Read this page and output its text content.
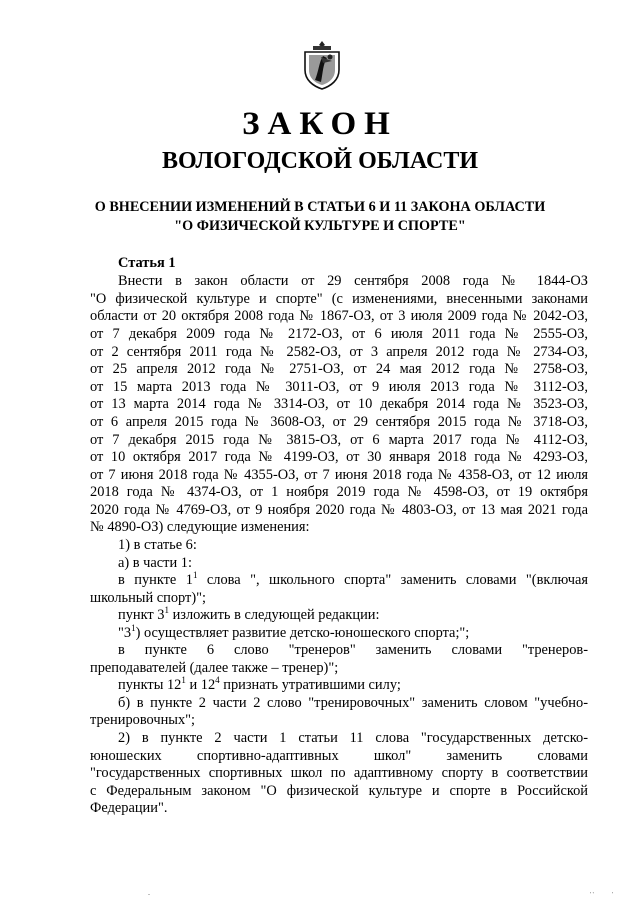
ЗАКОН
ВОЛОГОДСКОЙ ОБЛАСТИ
О ВНЕСЕНИИ ИЗМЕНЕНИЙ В СТАТЬИ 6 И 11 ЗАКОНА ОБЛАСТИ
"О ФИЗИЧЕСКОЙ КУЛЬТУРЕ И СПОРТЕ"
Статья 1
Внести в закон области от 29 сентября 2008 года № 1844-ОЗ
"О физической культуре и спорте" (с изменениями, внесенными законами
области от 20 октября 2008 года № 1867-ОЗ, от 3 июля 2009 года № 2042-ОЗ,
от 7 декабря 2009 года № 2172-ОЗ, от 6 июля 2011 года № 2555-ОЗ,
от 2 сентября 2011 года № 2582-ОЗ, от 3 апреля 2012 года № 2734-ОЗ,
от 25 апреля 2012 года № 2751-ОЗ, от 24 мая 2012 года № 2758-ОЗ,
от 15 марта 2013 года № 3011-ОЗ, от 9 июля 2013 года № 3112-ОЗ,
от 13 марта 2014 года № 3314-ОЗ, от 10 декабря 2014 года № 3523-ОЗ,
от 6 апреля 2015 года № 3608-ОЗ, от 29 сентября 2015 года № 3718-ОЗ,
от 7 декабря 2015 года № 3815-ОЗ, от 6 марта 2017 года № 4112-ОЗ,
от 10 октября 2017 года № 4199-ОЗ, от 30 января 2018 года № 4293-ОЗ,
от 7 июня 2018 года № 4355-ОЗ, от 7 июня 2018 года № 4358-ОЗ, от 12 июля
2018 года № 4374-ОЗ, от 1 ноября 2019 года № 4598-ОЗ, от 19 октября
2020 года № 4769-ОЗ, от 9 ноября 2020 года № 4803-ОЗ, от 13 мая 2021 года
№ 4890-ОЗ) следующие изменения:
1) в статье 6:
а) в части 1:
в пункте $1^1$ слова ", школьного спорта" заменить словами "(включая
школьный спорт)";
пункт $3^1$ изложить в следующей редакции:
"$3^1$) осуществляет развитие детско-юношеского спорта;";
в пункте 6 слово "тренеров" заменить словами "тренеров-
преподавателей (далее также – тренер)";
пункты $12^1$ и $12^4$ признать утратившими силу;
б) в пункте 2 части 2 слово "тренировочных" заменить словом "учебно-
тренировочных";
2) в пункте 2 части 1 статьи 11 слова "государственных детско-
юношеских спортивно-адаптивных школ" заменить словами
"государственных спортивных школ по адаптивному спорту в соответствии
с Федеральным законом "О физической культуре и спорте в Российской
Федерации".
-	' '	'
